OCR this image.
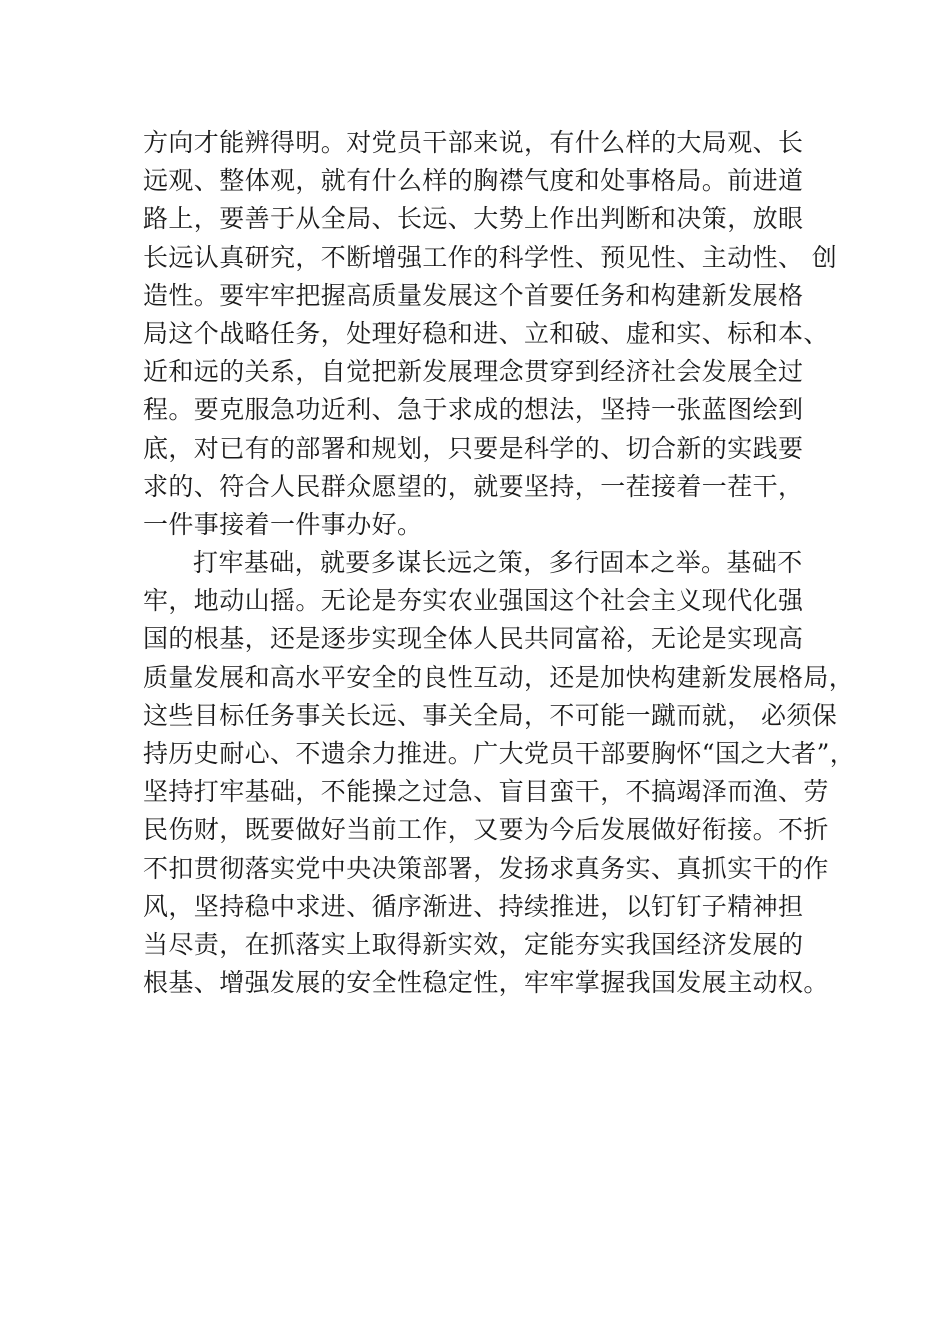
方向才能辨得明。对党员干部来说，有什么样的大局观、长
远观、整体观，就有什么样的胸襟气度和处事格局。前进道
路上，要善于从全局、长远、大势上作出判断和决策，放眼
长远认真研究，不断增强工作的科学性、预见性、主动性、 创
造性。要牢牢把握高质量发展这个首要任务和构建新发展格
局这个战略任务，处理好稳和进、立和破、虚和实、标和本、
近和远的关系，自觉把新发展理念贯穿到经济社会发展全过
程。要克服急功近利、急于求成的想法，坚持一张蓝图绘到
底，对已有的部署和规划，只要是科学的、切合新的实践要
求的、符合人民群众愿望的，就要坚持，一茬接着一茬干，
一件事接着一件事办好。
打牢基础，就要多谋长远之策，多行固本之举。基础不
牢，地动山摇。无论是夯实农业强国这个社会主义现代化强
国的根基，还是逐步实现全体人民共同富裕，无论是实现高
质量发展和高水平安全的良性互动，还是加快构建新发展格局，
这些目标任务事关长远、事关全局，不可能一蹴而就， 必须保
持历史耐心、不遗余力推进。广大党员干部要胸怀“国之大者”，
坚持打牢基础，不能操之过急、盲目蛮干，不搞竭泽而渔、劳
民伤财，既要做好当前工作，又要为今后发展做好衔接。不折
不扣贯彻落实党中央决策部署，发扬求真务实、真抓实干的作
风，坚持稳中求进、循序渐进、持续推进，以钉钉子精神担
当尽责，在抓落实上取得新实效，定能夯实我国经济发展的
根基、增强发展的安全性稳定性，牢牢掌握我国发展主动权。
